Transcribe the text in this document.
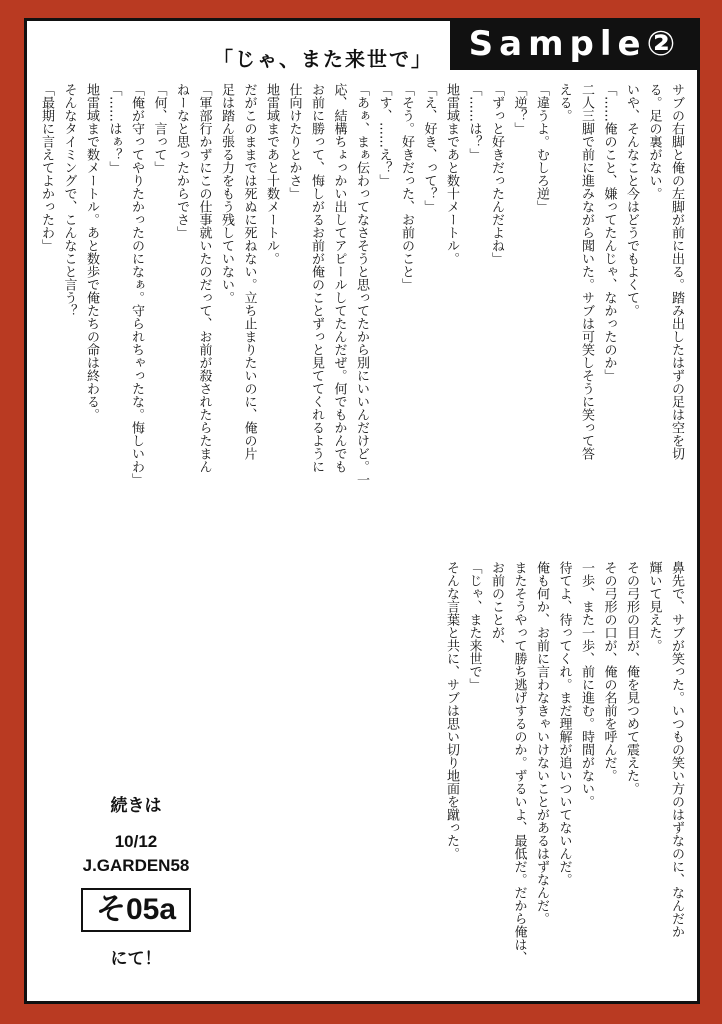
「じゃ、また来世で」	Sample②
サブの右脚と俺の左脚が前に出る。踏み出したはずの足は空を切
る。足の裏がない。
いや、そんなこと今はどうでもよくて。
「……俺のこと、嫌ってたんじゃ、なかったのか」
二人三脚で前に進みながら聞いた。サブは可笑しそうに笑って答
える。
「違うよ。むしろ逆」
「逆？」
「ずっと好きだったんだよね」
「……は？」
地雷域まであと数十メートル。
「え、好き、って？」
「そう。好きだった、お前のこと」
「す、……え？」
「あぁ、まぁ伝わってなさそうと思ってたから別にいいんだけど。一
応、結構ちょっかい出してアピールしてたんだぜ。何でもかんでも
お前に勝って、悔しがるお前が俺のことずっと見ててくれるように
仕向けたりとかさ」
地雷域まであと十数メートル。
だがこのままでは死ぬに死ねない。立ち止まりたいのに、俺の片
足は踏ん張る力をもう残していない。
「軍部行かずにこの仕事就いたのだって、お前が殺されたらたまん
ねーなと思ったからでさ」
「何、言って」
「俺が守ってやりたかったのになぁ。守られちゃったな。悔しいわ」
「……はぁ？」
地雷域まで数メートル。あと数歩で俺たちの命は終わる。
そんなタイミングで、こんなこと言う？
「最期に言えてよかったわ」
鼻先で、サブが笑った。いつもの笑い方のはずなのに、なんだか
輝いて見えた。
その弓形の目が、俺を見つめて震えた。
その弓形の口が、俺の名前を呼んだ。
一歩、また一歩、前に進む。時間がない。
待てよ、待ってくれ。まだ理解が追いついてないんだ。
俺も何か、お前に言わなきゃいけないことがあるはずなんだ。
またそうやって勝ち逃げするのか。ずるいよ、最低だ。だから俺は、
お前のことが、
「じゃ、また来世で」
そんな言葉と共に、サブは思い切り地面を蹴った。
続きは
10/12
J.GARDEN58
そ05a
にて！
